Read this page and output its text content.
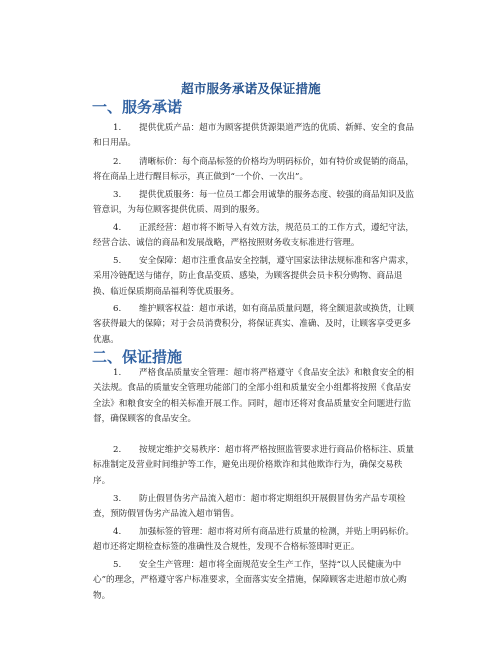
超市服务承诺及保证措施
一、服务承诺
1. 提供优质产品：超市为顾客提供货源渠道严选的优质、新鲜、安全的食品和日用品。
2. 清晰标价：每个商品标签的价格均为明码标价，如有特价或促销的商品，将在商品上进行醒目标示，真正做到“一个价、一次出”。
3. 提供优质服务：每一位员工都会用诚挚的服务态度、较强的商品知识及监管意识，为每位顾客提供优质、周到的服务。
4. 正派经营：超市将不断导入有效方法，规范员工的工作方式，遵纪守法，经营合法、诚信的商品和发展战略，严格按照财务收支标准进行管理。
5. 安全保障：超市注重食品安全控制，遵守国家法律法规标准和客户需求，采用冷链配送与储存，防止食品变质、感染，为顾客提供会员卡积分购物、商品退换、临近保质期商品福利等优质服务。
6. 维护顾客权益：超市承诺，如有商品质量问题，将全额退款或换货，让顾客获得最大的保障；对于会员消费积分，将保证真实、准确、及时，让顾客享受更多优惠。
二、保证措施
1. 严格食品质量安全管理：超市将严格遵守《食品安全法》和粮食安全的相关法规。食品的质量安全管理功能部门的全部小组和质量安全小组都将按照《食品安全法》和粮食安全的相关标准开展工作。同时，超市还将对食品质量安全问题进行监督，确保顾客的食品安全。
2. 按规定维护交易秩序：超市将严格按照监管要求进行商品价格标注、质量标准制定及营业时间维护等工作，避免出现价格欺诈和其他欺诈行为，确保交易秩序。
3. 防止假冒伪劣产品流入超市：超市将定期组织开展假冒伪劣产品专项检查，预防假冒伪劣产品流入超市销售。
4. 加强标签的管理：超市将对所有商品进行质量的检测，并贴上明码标价。超市还将定期检查标签的准确性及合规性，发现不合格标签即时更正。
5. 安全生产管理：超市将全面规范安全生产工作，坚持“以人民健康为中心”的理念，严格遵守客户标准要求，全面落实安全措施，保障顾客走进超市放心购物。
